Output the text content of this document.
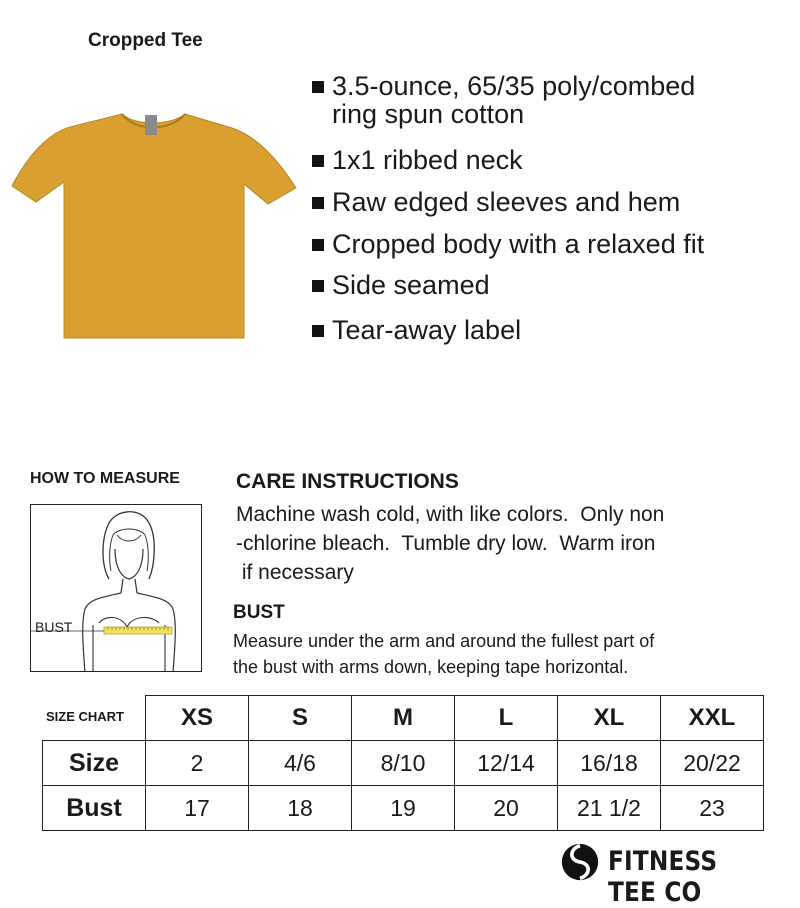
Cropped Tee
3.5-ounce, 65/35 poly/combed
ring spun cotton
1x1 ribbed neck
Raw edged sleeves and hem
Cropped body with a relaxed fit
Side seamed
Tear-away label
HOW TO MEASURE
BUST
CARE INSTRUCTIONS
Machine wash cold, with like colors.  Only non
-chlorine bleach.  Tumble dry low.  Warm iron
if necessary
BUST
Measure under the arm and around the fullest part of
the bust with arms down, keeping tape horizontal.
	XS	S	M	L	XL	XXL
Size	2	4/6	8/10	12/14	16/18	20/22
Bust	17	18	19	20	21 1/2	23
SIZE CHART
FITNESS TEE CO
